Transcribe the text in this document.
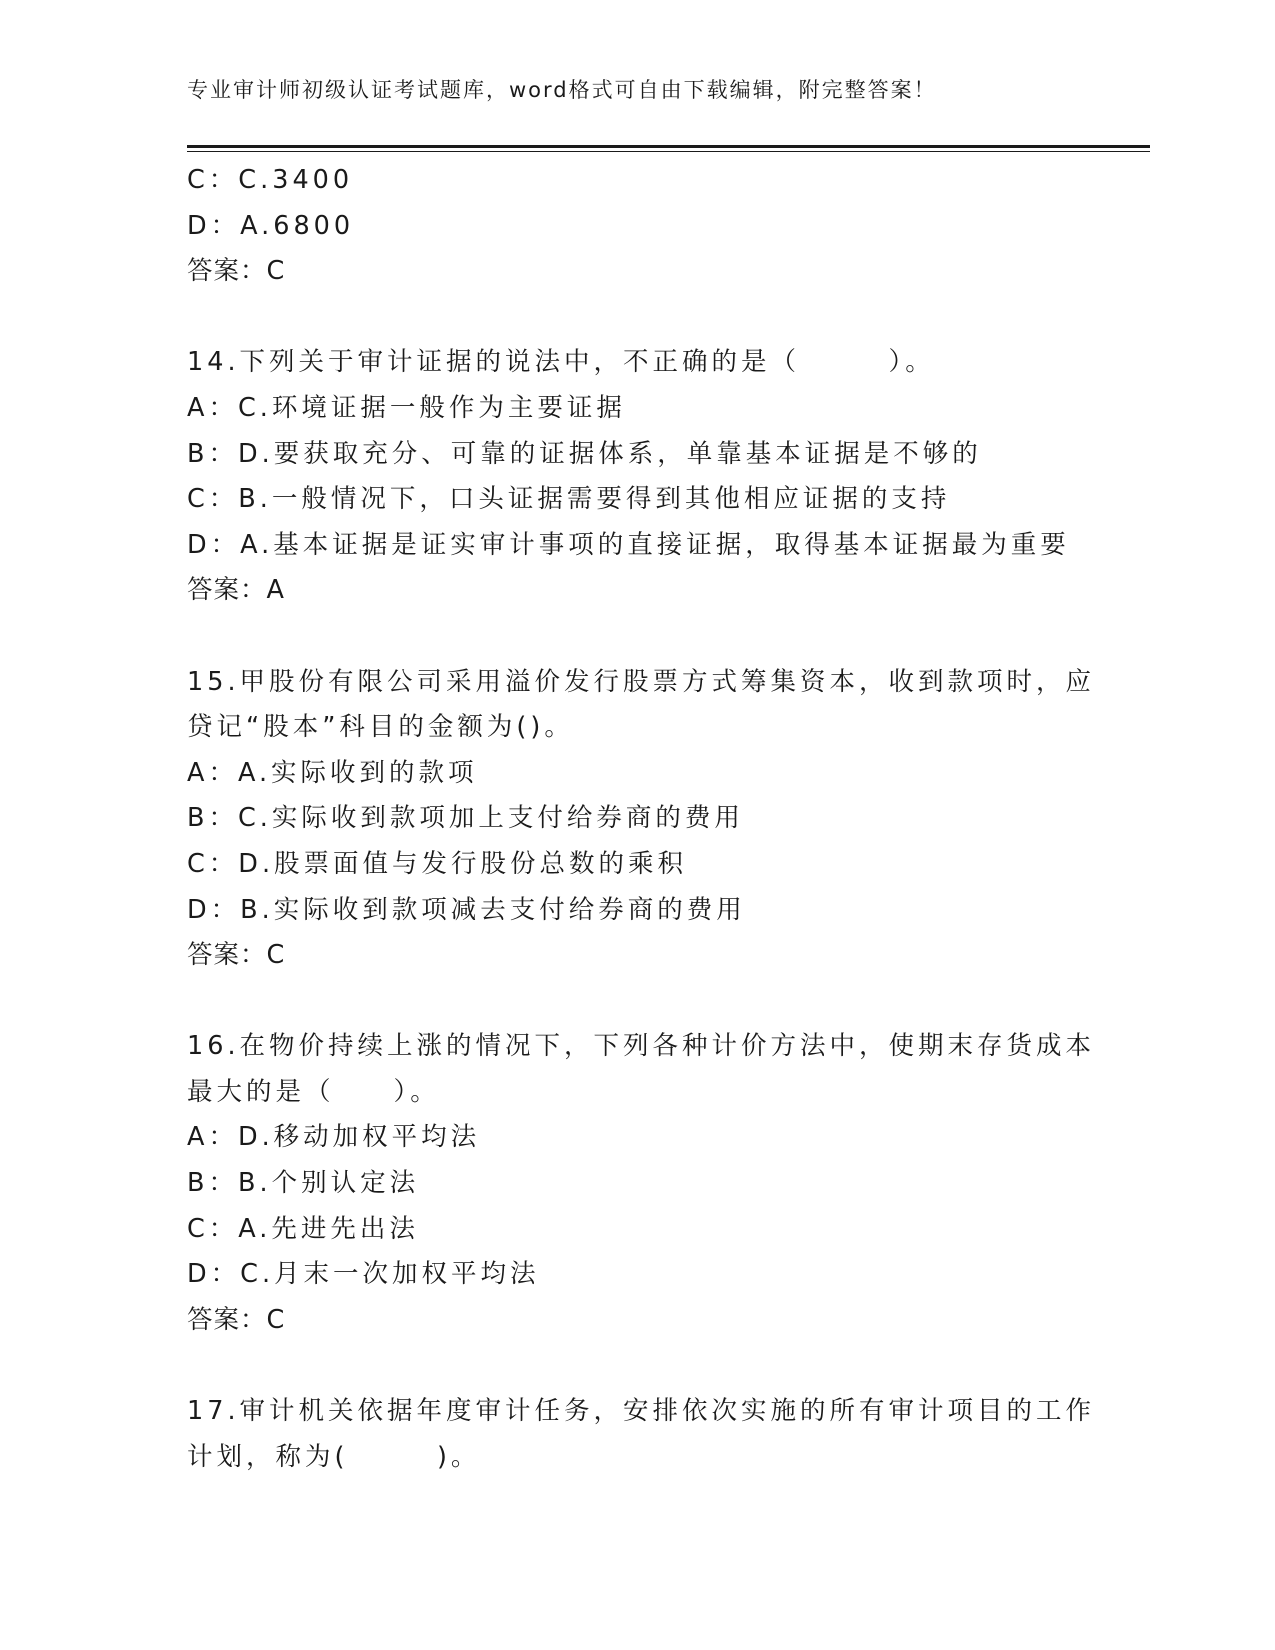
专业审计师初级认证考试题库，word格式可自由下载编辑，附完整答案！
C：C.3400
D：A.6800
答案：C
14.下列关于审计证据的说法中，不正确的是（　　　）。
A：C.环境证据一般作为主要证据
B：D.要获取充分、可靠的证据体系，单靠基本证据是不够的
C：B.一般情况下，口头证据需要得到其他相应证据的支持
D：A.基本证据是证实审计事项的直接证据，取得基本证据最为重要
答案：A
15.甲股份有限公司采用溢价发行股票方式筹集资本，收到款项时，应
贷记“股本”科目的金额为()。
A：A.实际收到的款项
B：C.实际收到款项加上支付给券商的费用
C：D.股票面值与发行股份总数的乘积
D：B.实际收到款项减去支付给券商的费用
答案：C
16.在物价持续上涨的情况下，下列各种计价方法中，使期末存货成本
最大的是（　　）。
A：D.移动加权平均法
B：B.个别认定法
C：A.先进先出法
D：C.月末一次加权平均法
答案：C
17.审计机关依据年度审计任务，安排依次实施的所有审计项目的工作
计划，称为(　　　)。
